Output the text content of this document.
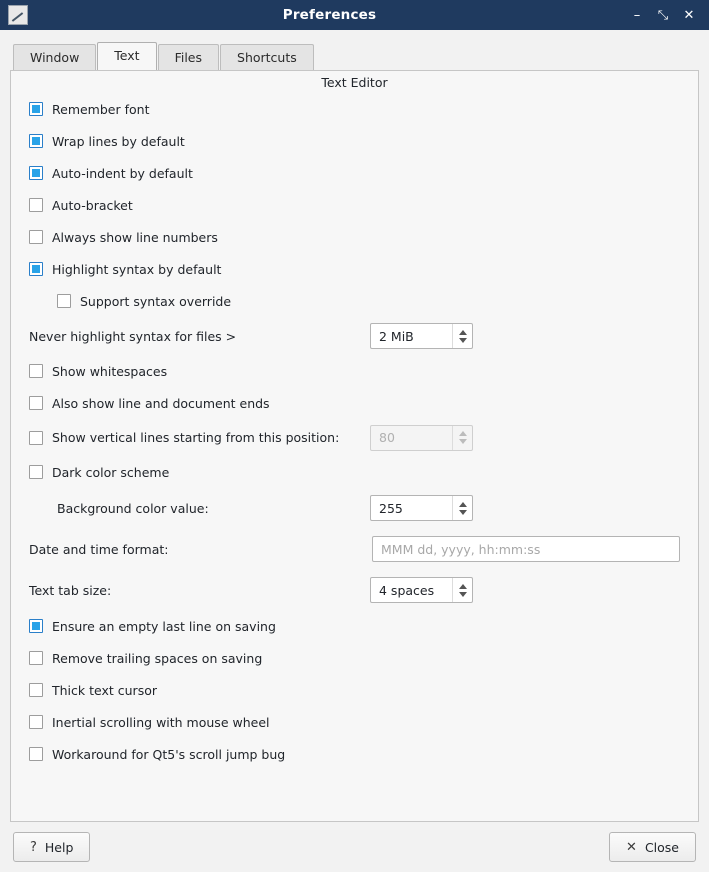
Preferences	– ⤡ ✕
Window	Text	Files	Shortcuts
Text Editor
Remember font
Wrap lines by default
Auto-indent by default
Auto-bracket
Always show line numbers
Highlight syntax by default
Support syntax override
Never highlight syntax for files >	2 MiB
Show whitespaces
Also show line and document ends
Show vertical lines starting from this position:	80
Dark color scheme
Background color value:	255
Date and time format:	MMM dd, yyyy, hh:mm:ss
Text tab size:	4 spaces
Ensure an empty last line on saving
Remove trailing spaces on saving
Thick text cursor
Inertial scrolling with mouse wheel
Workaround for Qt5's scroll jump bug
? Help	✕ Close
